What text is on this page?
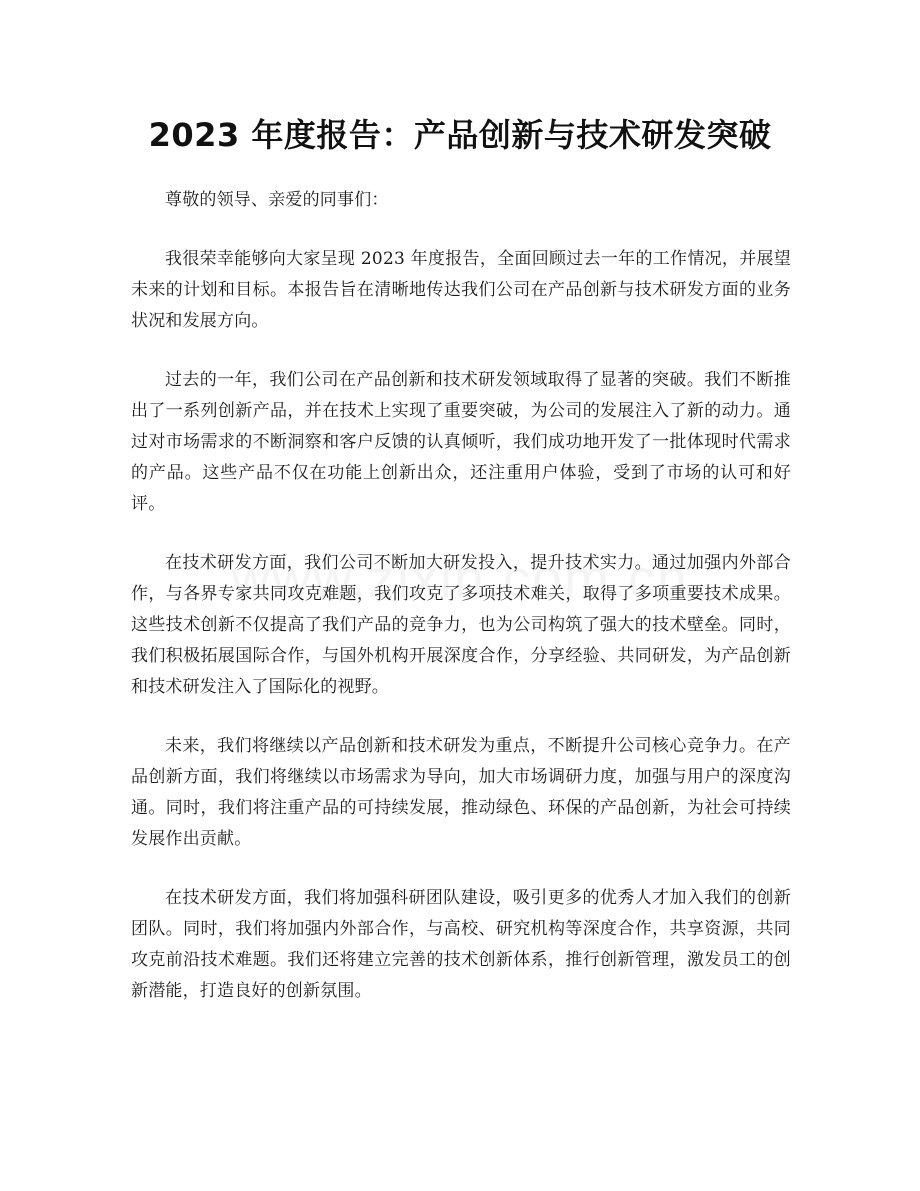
2023 年度报告：产品创新与技术研发突破

尊敬的领导、亲爱的同事们：

我很荣幸能够向大家呈现 2023 年度报告，全面回顾过去一年的工作情况，并展望未来的计划和目标。本报告旨在清晰地传达我们公司在产品创新与技术研发方面的业务状况和发展方向。

过去的一年，我们公司在产品创新和技术研发领域取得了显著的突破。我们不断推出了一系列创新产品，并在技术上实现了重要突破，为公司的发展注入了新的动力。通过对市场需求的不断洞察和客户反馈的认真倾听，我们成功地开发了一批体现时代需求的产品。这些产品不仅在功能上创新出众，还注重用户体验，受到了市场的认可和好评。

在技术研发方面，我们公司不断加大研发投入，提升技术实力。通过加强内外部合作，与各界专家共同攻克难题，我们攻克了多项技术难关，取得了多项重要技术成果。这些技术创新不仅提高了我们产品的竞争力，也为公司构筑了强大的技术壁垒。同时，我们积极拓展国际合作，与国外机构开展深度合作，分享经验、共同研发，为产品创新和技术研发注入了国际化的视野。

未来，我们将继续以产品创新和技术研发为重点，不断提升公司核心竞争力。在产品创新方面，我们将继续以市场需求为导向，加大市场调研力度，加强与用户的深度沟通。同时，我们将注重产品的可持续发展，推动绿色、环保的产品创新，为社会可持续发展作出贡献。

在技术研发方面，我们将加强科研团队建设，吸引更多的优秀人才加入我们的创新团队。同时，我们将加强内外部合作，与高校、研究机构等深度合作，共享资源，共同攻克前沿技术难题。我们还将建立完善的技术创新体系，推行创新管理，激发员工的创新潜能，打造良好的创新氛围。
